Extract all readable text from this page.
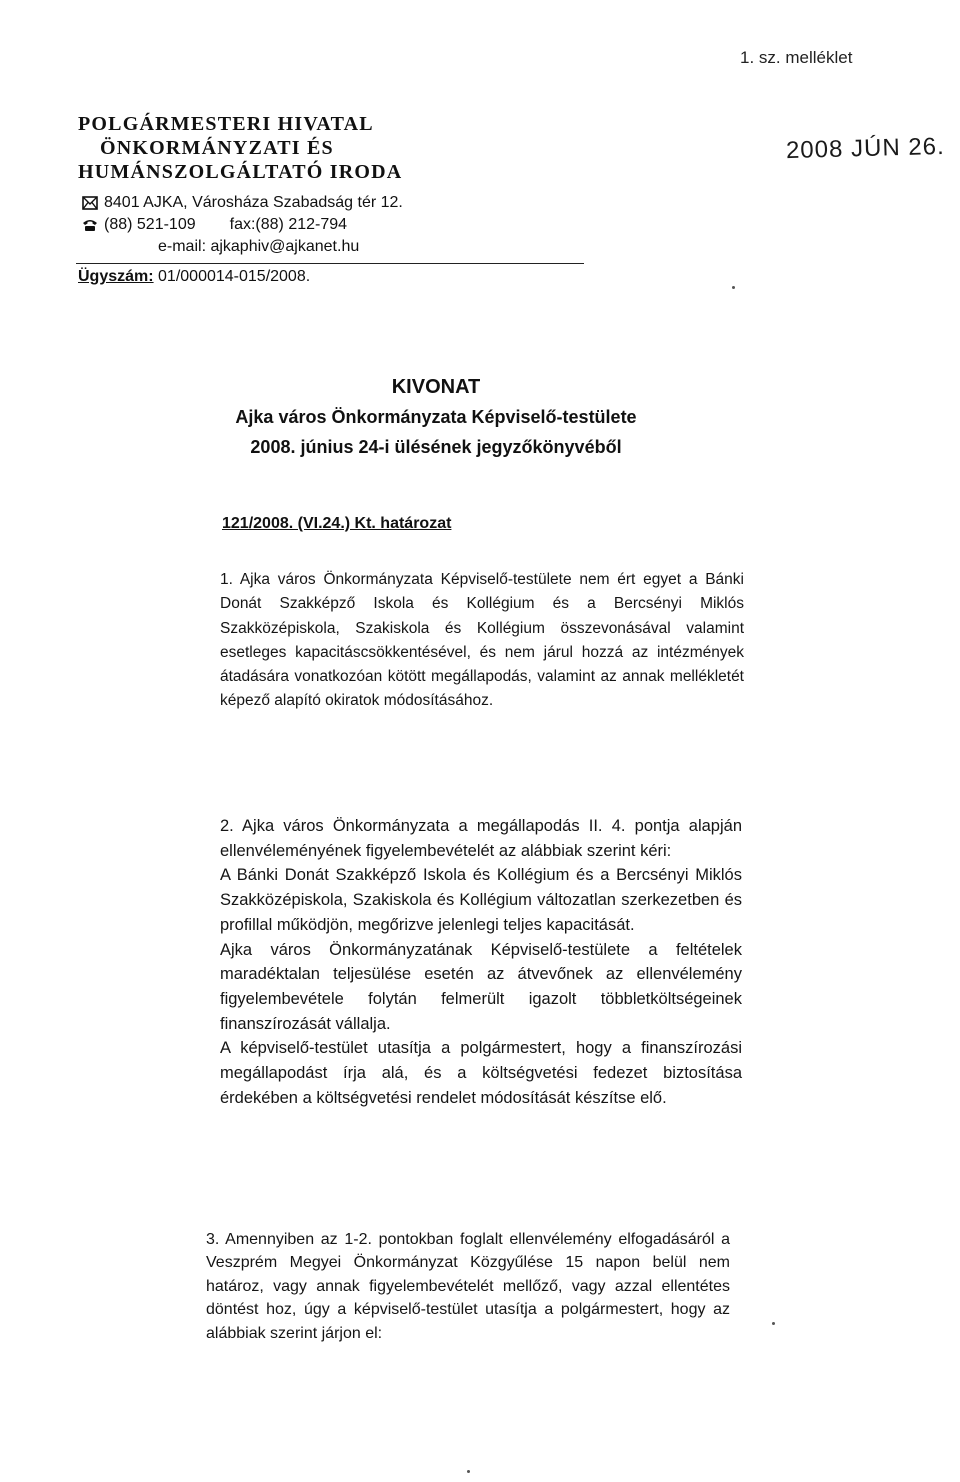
1. sz. melléklet
2008 JÚN 26.
POLGÁRMESTERI HIVATAL
ÖNKORMÁNYZATI ÉS
HUMÁNSZOLGÁLTATÓ IRODA
8401 AJKA, Városháza Szabadság tér 12.
(88) 521-109	fax:(88) 212-794
e-mail: ajkaphiv@ajkanet.hu
Ügyszám: 01/000014-015/2008.
KIVONAT
Ajka város Önkormányzata Képviselő-testülete
2008. június 24-i ülésének jegyzőkönyvéből
121/2008. (VI.24.) Kt. határozat

1. Ajka város Önkormányzata Képviselő-testülete nem ért egyet a Bánki Donát Szakképző Iskola és Kollégium és a Bercsényi Miklós Szakközépiskola, Szakiskola és Kollégium összevonásával valamint esetleges kapacitáscsökkentésével, és nem járul hozzá az intézmények átadására vonatkozóan kötött megállapodás, valamint az annak mellékletét képező alapító okiratok módosításához.

2. Ajka város Önkormányzata a megállapodás II. 4. pontja alapján ellenvéleményének figyelembevételét az alábbiak szerint kéri:

A Bánki Donát Szakképző Iskola és Kollégium és a Bercsényi Miklós Szakközépiskola, Szakiskola és Kollégium változatlan szerkezetben és profillal működjön, megőrizve jelenlegi teljes kapacitását.

Ajka város Önkormányzatának Képviselő-testülete a feltételek maradéktalan teljesülése esetén az átvevőnek az ellenvélemény figyelembevétele folytán felmerült igazolt többletköltségeinek finanszírozását vállalja.

A képviselő-testület utasítja a polgármestert, hogy a finanszírozási megállapodást írja alá, és a költségvetési fedezet biztosítása érdekében a költségvetési rendelet módosítását készítse elő.

3. Amennyiben az 1-2. pontokban foglalt ellenvélemény elfogadásáról a Veszprém Megyei Önkormányzat Közgyűlése 15 napon belül nem határoz, vagy annak figyelembevételét mellőző, vagy azzal ellentétes döntést hoz, úgy a képviselő-testület utasítja a polgármestert, hogy az alábbiak szerint járjon el:
